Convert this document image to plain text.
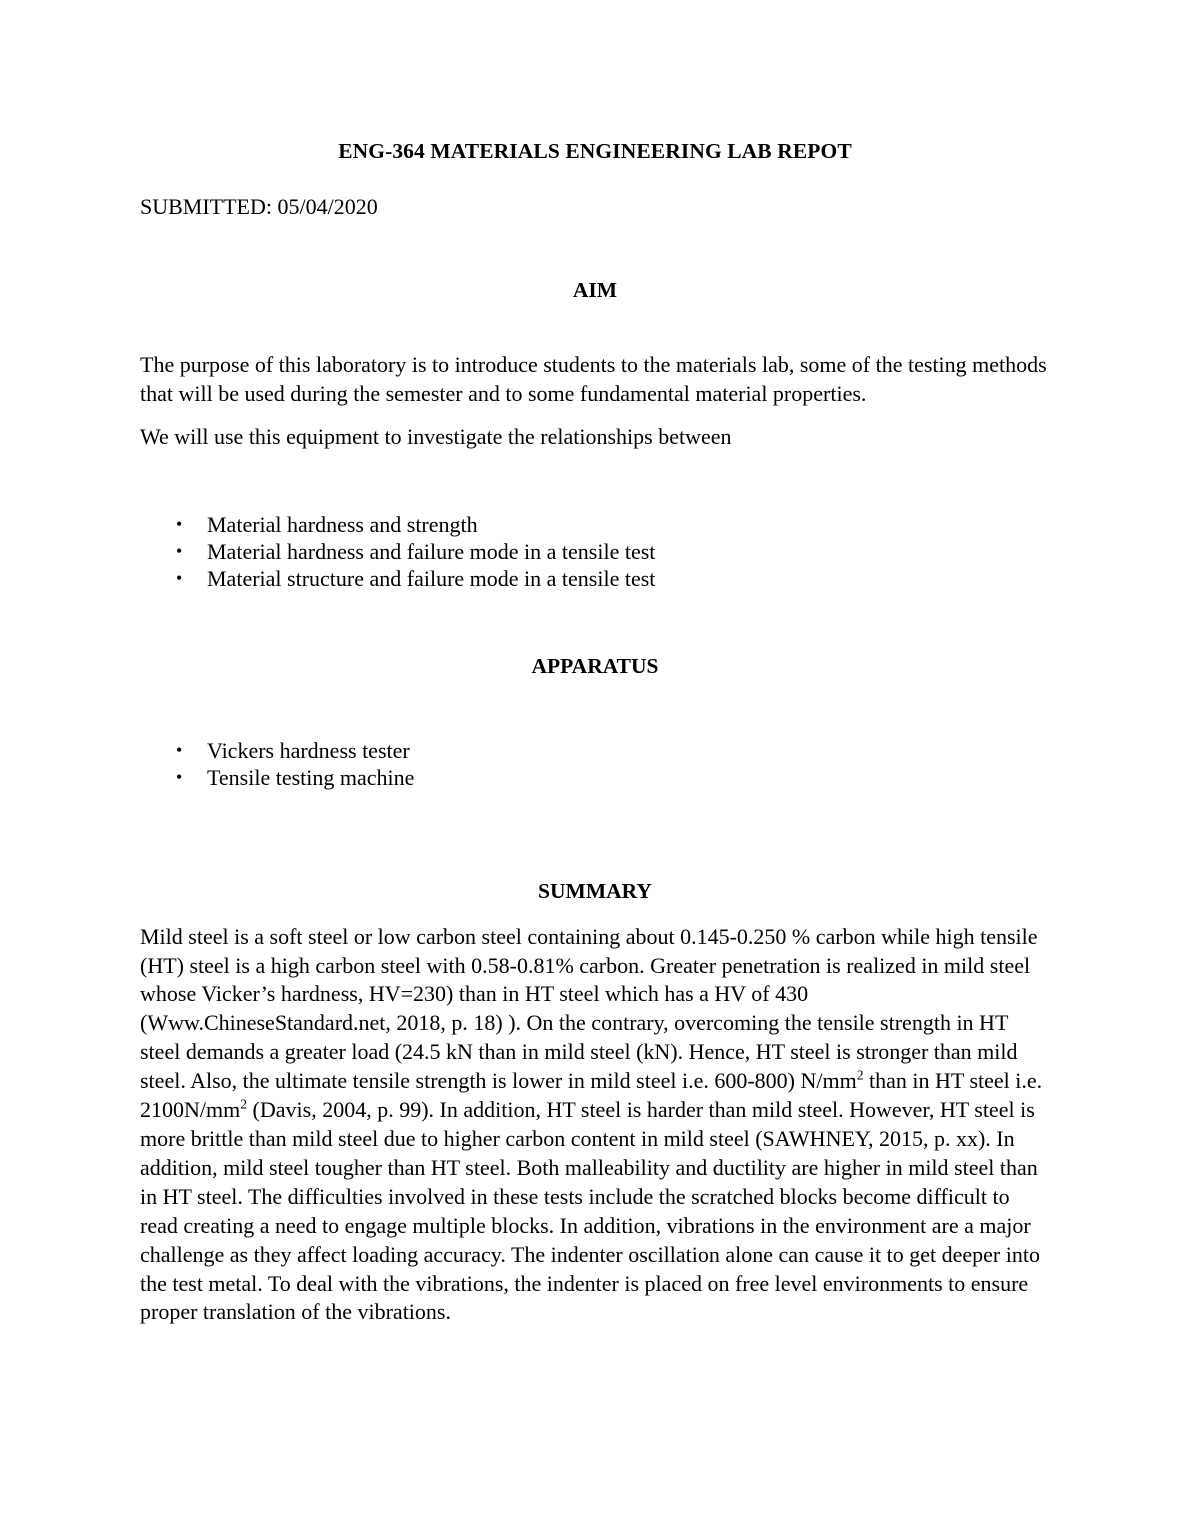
ENG-364 MATERIALS ENGINEERING LAB REPOT

SUBMITTED: 05/04/2020

AIM

The purpose of this laboratory is to introduce students to the materials lab, some of the testing methods that will be used during the semester and to some fundamental material properties.

We will use this equipment to investigate the relationships between

• Material hardness and strength
• Material hardness and failure mode in a tensile test
• Material structure and failure mode in a tensile test
APPARATUS
• Vickers hardness tester
• Tensile testing machine
SUMMARY

Mild steel is a soft steel or low carbon steel containing about 0.145-0.250 % carbon while high tensile (HT) steel is a high carbon steel with 0.58-0.81% carbon. Greater penetration is realized in mild steel whose Vicker’s hardness, HV=230) than in HT steel which has a HV of 430 (Www.ChineseStandard.net, 2018, p. 18) ). On the contrary, overcoming the tensile strength in HT steel demands a greater load (24.5 kN than in mild steel (kN). Hence, HT steel is stronger than mild steel. Also, the ultimate tensile strength is lower in mild steel i.e. 600-800) $N/mm^2$ than in HT steel i.e. $2100N/mm^2$ (Davis, 2004, p. 99). In addition, HT steel is harder than mild steel. However, HT steel is more brittle than mild steel due to higher carbon content in mild steel (SAWHNEY, 2015, p. xx). In addition, mild steel tougher than HT steel. Both malleability and ductility are higher in mild steel than in HT steel. The difficulties involved in these tests include the scratched blocks become difficult to read creating a need to engage multiple blocks. In addition, vibrations in the environment are a major challenge as they affect loading accuracy. The indenter oscillation alone can cause it to get deeper into the test metal. To deal with the vibrations, the indenter is placed on free level environments to ensure proper translation of the vibrations.
